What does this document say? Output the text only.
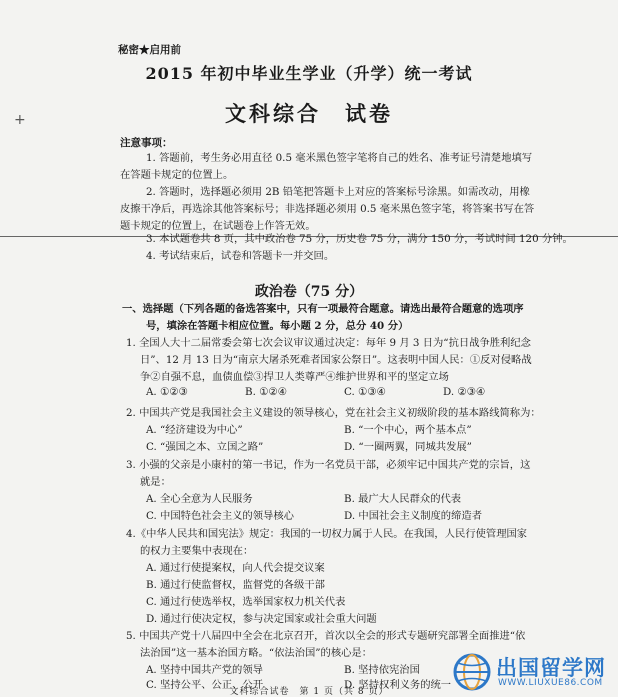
秘密★启用前
2015 年初中毕业生学业（升学）统一考试
文科综合　试卷
+
注意事项：
1. 答题前，考生务必用直径 0.5 毫米黑色签字笔将自己的姓名、准考证号清楚地填写
在答题卡规定的位置上。
2. 答题时，选择题必须用 2B 铅笔把答题卡上对应的答案标号涂黑。如需改动，用橡
皮擦干净后，再选涂其他答案标号；非选择题必须用 0.5 毫米黑色签字笔，将答案书写在答
题卡规定的位置上，在试题卷上作答无效。
3. 本试题卷共 8 页，其中政治卷 75 分，历史卷 75 分，满分 150 分，考试时间 120 分钟。
4. 考试结束后，试卷和答题卡一并交回。
政治卷（75 分）
一、选择题（下列各题的备选答案中，只有一项最符合题意。请选出最符合题意的选项序
号，填涂在答题卡相应位置。每小题 2 分，总分 40 分）
1. 全国人大十二届常委会第七次会议审议通过决定：每年 9 月 3 日为“抗日战争胜利纪念
日”、12 月 13 日为“南京大屠杀死难者国家公祭日”。这表明中国人民：①反对侵略战
争②自强不息，血债血偿③捍卫人类尊严④维护世界和平的坚定立场
A. ①②③	B. ①②④	C. ①③④	D. ②③④
2. 中国共产党是我国社会主义建设的领导核心，党在社会主义初级阶段的基本路线简称为：
A. “经济建设为中心”	B. “一个中心，两个基本点”
C. “强国之本、立国之路”	D. “一圈两翼，同城共发展”
3. 小强的父亲是小康村的第一书记，作为一名党员干部，必须牢记中国共产党的宗旨，这
就是：
A. 全心全意为人民服务	B. 最广大人民群众的代表
C. 中国特色社会主义的领导核心	D. 中国社会主义制度的缔造者
4.《中华人民共和国宪法》规定：我国的一切权力属于人民。在我国，人民行使管理国家
的权力主要集中表现在：
A. 通过行使提案权，向人代会提交议案
B. 通过行使监督权，监督党的各级干部
C. 通过行使选举权，选举国家权力机关代表
D. 通过行使决定权，参与决定国家或社会重大问题
5. 中国共产党十八届四中全会在北京召开，首次以全会的形式专题研究部署全面推进“依
法治国”这一基本治国方略。“依法治国”的核心是：
A. 坚持中国共产党的领导	B. 坚持依宪治国
C. 坚持公平、公正、公开	D. 坚持权利义务的统一
文科综合试卷　第 1 页（共 8 页）
出国留学网
WWW.LIUXUE86.COM
